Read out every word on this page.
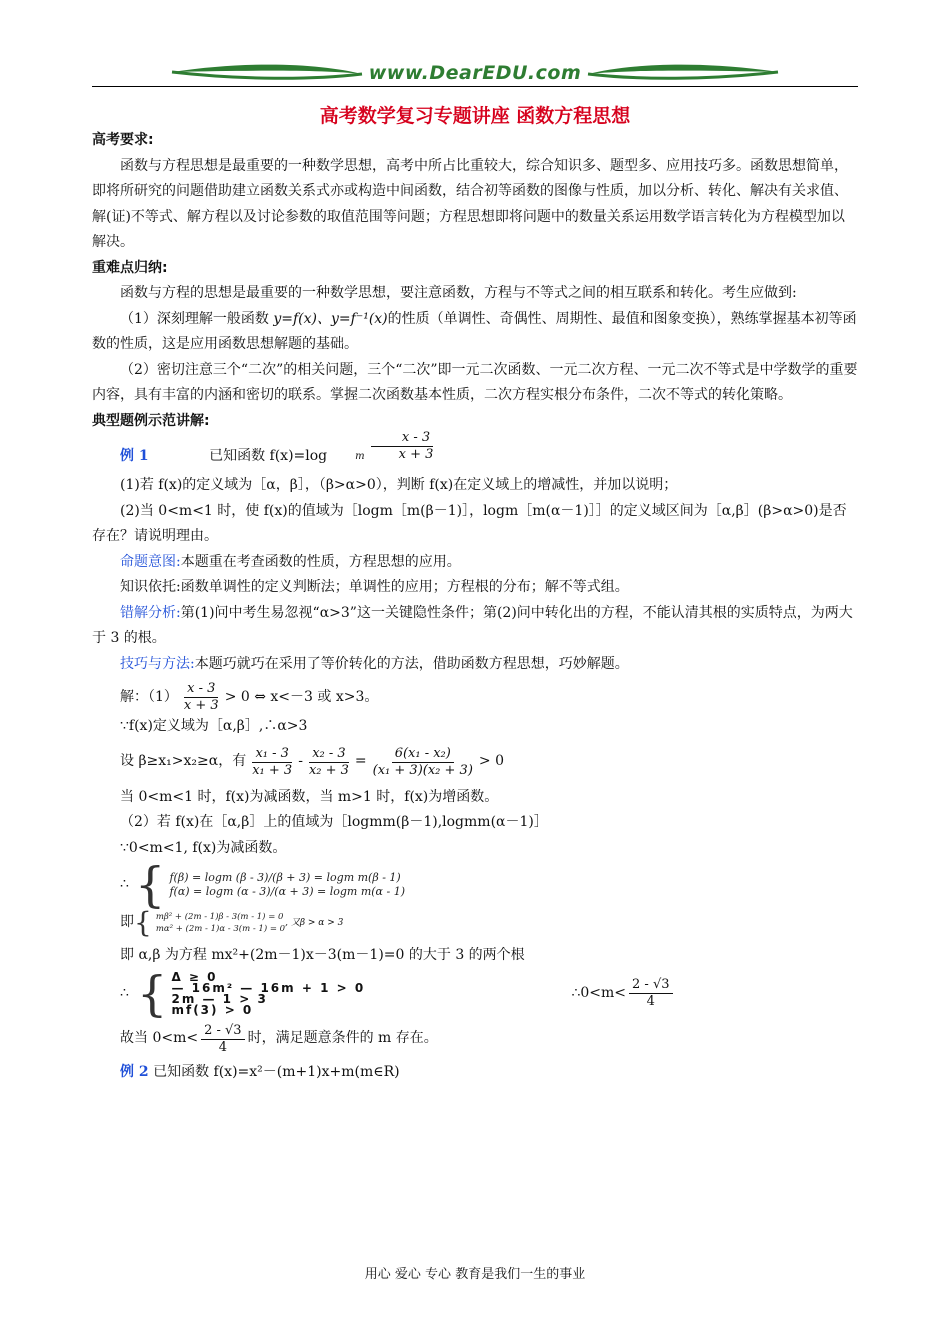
www.DearEDU.com
高考数学复习专题讲座 函数方程思想

高考要求:

函数与方程思想是最重要的一种数学思想，高考中所占比重较大，综合知识多、题型多、应用技巧多。函数思想简单，即将所研究的问题借助建立函数关系式亦或构造中间函数，结合初等函数的图像与性质，加以分析、转化、解决有关求值、解(证)不等式、解方程以及讨论参数的取值范围等问题；方程思想即将问题中的数量关系运用数学语言转化为方程模型加以解决。

重难点归纳:

函数与方程的思想是最重要的一种数学思想，要注意函数，方程与不等式之间的相互联系和转化。考生应做到:

（1）深刻理解一般函数 y=f(x)、y=f⁻¹(x)的性质（单调性、奇偶性、周期性、最值和图象变换），熟练掌握基本初等函数的性质，这是应用函数思想解题的基础。

（2）密切注意三个“二次”的相关问题，三个“二次”即一元二次函数、一元二次方程、一元二次不等式是中学数学的重要内容，具有丰富的内涵和密切的联系。掌握二次函数基本性质，二次方程实根分布条件，二次不等式的转化策略。

典型题例示范讲解:

例 1
	已知函数 f(x)=log	m $\frac{x - 3}{x + 3}$

(1)若 f(x)的定义域为［α，β］，（β>α>0），判断 f(x)在定义域上的增减性，并加以说明；

(2)当 0<m<1 时，使 f(x)的值域为［logm［m(β－1)］，logm［m(α－1)］］的定义域区间为［α,β］(β>α>0)是否存在？请说明理由。

命题意图:本题重在考查函数的性质，方程思想的应用。

知识依托:函数单调性的定义判断法；单调性的应用；方程根的分布；解不等式组。

错解分析:第(1)问中考生易忽视“α>3”这一关键隐性条件；第(2)问中转化出的方程，不能认清其根的实质特点，为两大于 3 的根。

技巧与方法:本题巧就巧在采用了等价转化的方法，借助函数方程思想，巧妙解题。

解：$(1) \frac{x - 3}{x + 3} > 0$ ⇔ x<－3 或 x>3。

∵f(x)定义域为［α,β］,∴α>3

设 β≥x₁>x₂≥α，有 $\frac{\text{x₁ - 3}}{\text{x₁ + 3}} - \frac{\text{x₂ - 3}}{\text{x₂ + 3}} = \frac{\text{6(x₁ - x₂)}}{\text{(x₁ + 3)(x₂ + 3)}} > 0$

当 0<m<1 时，f(x)为减函数，当 m>1 时，f(x)为增函数。

（2）若 f(x)在［α,β］上的值域为［logmm(β－1),logmm(α－1)］

∵0<m<1, f(x)为减函数。

∴ { f(β) = logm (β - 3)/(β + 3) = logm m(β - 1)
f(α) = logm (α - 3)/(α + 3) = logm m(α - 1)
即 { mβ² + (2m - 1)β - 3(m - 1) = 0
mα² + (2m - 1)α - 3(m - 1) = 0
, 又β > α > 3

即 α,β 为方程 mx²+(2m－1)x－3(m－1)=0 的大于 3 的两个根

∴ { Δ ≥ 0
— 16m² — 16m + 1 > 0
2m — 1 > 3
mf(3) > 0
∴0<m< $\frac{2 - √3}{4}$

故当 $0<m< \frac{2 - √3}{4}$ 时，满足题意条件的 m 存在。

例 2 已知函数 f(x)=x²－(m+1)x+m(m∈R)

用心 爱心 专心 教育是我们一生的事业
